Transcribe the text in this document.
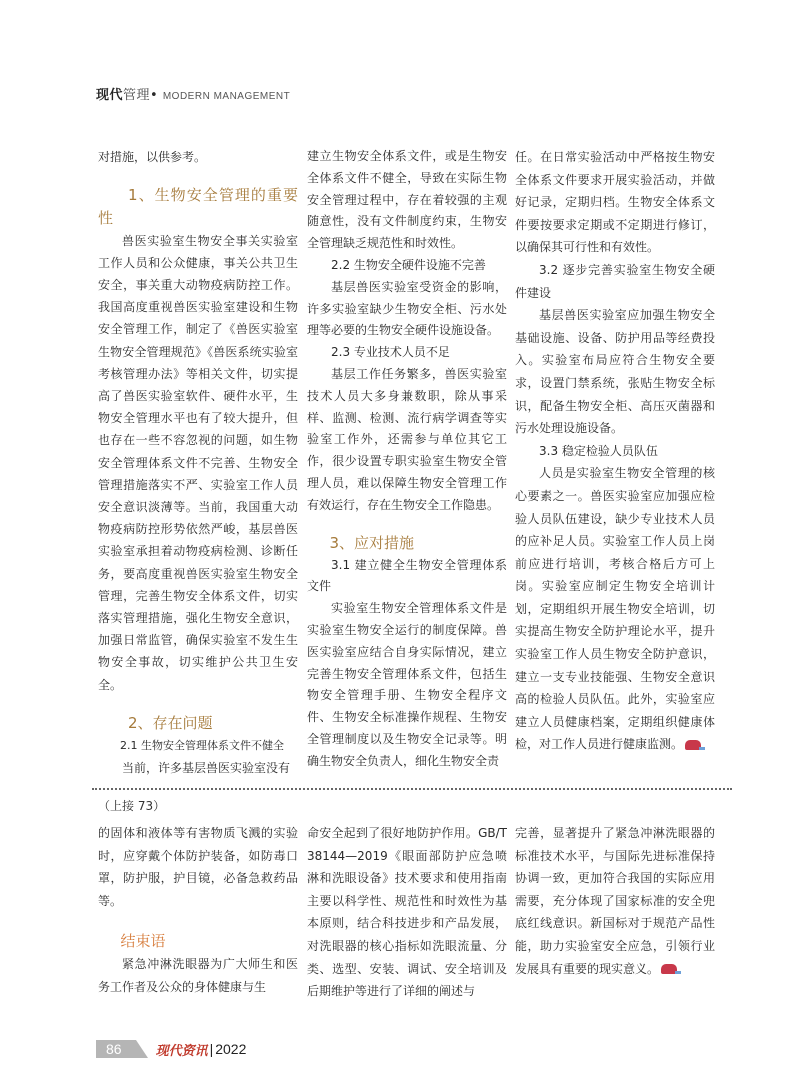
现代管理• MODERN MANAGEMENT

对措施，以供参考。

1、生物安全管理的重要性

兽医实验室生物安全事关实验室工作人员和公众健康，事关公共卫生安全，事关重大动物疫病防控工作。我国高度重视兽医实验室建设和生物安全管理工作，制定了《兽医实验室生物安全管理规范》《兽医系统实验室考核管理办法》等相关文件，切实提高了兽医实验室软件、硬件水平，生物安全管理水平也有了较大提升，但也存在一些不容忽视的问题，如生物安全管理体系文件不完善、生物安全管理措施落实不严、实验室工作人员安全意识淡薄等。当前，我国重大动物疫病防控形势依然严峻，基层兽医实验室承担着动物疫病检测、诊断任务，要高度重视兽医实验室生物安全管理，完善生物安全体系文件，切实落实管理措施，强化生物安全意识，加强日常监管，确保实验室不发生生物安全事故，切实维护公共卫生安全。

2、存在问题

2.1 生物安全管理体系文件不健全

当前，许多基层兽医实验室没有

建立生物安全体系文件，或是生物安全体系文件不健全，导致在实际生物安全管理过程中，存在着较强的主观随意性，没有文件制度约束，生物安全管理缺乏规范性和时效性。

2.2 生物安全硬件设施不完善

基层兽医实验室受资金的影响，许多实验室缺少生物安全柜、污水处理等必要的生物安全硬件设施设备。

2.3 专业技术人员不足

基层工作任务繁多，兽医实验室技术人员大多身兼数职，除从事采样、监测、检测、流行病学调查等实验室工作外，还需参与单位其它工作，很少设置专职实验室生物安全管理人员，难以保障生物安全管理工作有效运行，存在生物安全工作隐患。

3、应对措施

3.1 建立健全生物安全管理体系文件

实验室生物安全管理体系文件是实验室生物安全运行的制度保障。兽医实验室应结合自身实际情况，建立完善生物安全管理体系文件，包括生物安全管理手册、生物安全程序文件、生物安全标准操作规程、生物安全管理制度以及生物安全记录等。明确生物安全负责人，细化生物安全责

任。在日常实验活动中严格按生物安全体系文件要求开展实验活动，并做好记录，定期归档。生物安全体系文件要按要求定期或不定期进行修订，以确保其可行性和有效性。

3.2 逐步完善实验室生物安全硬件建设

基层兽医实验室应加强生物安全基础设施、设备、防护用品等经费投入。实验室布局应符合生物安全要求，设置门禁系统，张贴生物安全标识，配备生物安全柜、高压灭菌器和污水处理设施设备。

3.3 稳定检验人员队伍

人员是实验室生物安全管理的核心要素之一。兽医实验室应加强应检验人员队伍建设，缺少专业技术人员的应补足人员。实验室工作人员上岗前应进行培训，考核合格后方可上岗。实验室应制定生物安全培训计划，定期组织开展生物安全培训，切实提高生物安全防护理论水平，提升实验室工作人员生物安全防护意识，建立一支专业技能强、生物安全意识高的检验人员队伍。此外，实验室应建立人员健康档案，定期组织健康体检，对工作人员进行健康监测。

（上接 73）

的固体和液体等有害物质飞溅的实验时，应穿戴个体防护装备，如防毒口罩，防护服，护目镜，必备急救药品等。

结束语

紧急冲淋洗眼器为广大师生和医务工作者及公众的身体健康与生

命安全起到了很好地防护作用。GB/T38144—2019《眼面部防护应急喷淋和洗眼设备》技术要求和使用指南主要以科学性、规范性和时效性为基本原则，结合科技进步和产品发展，对洗眼器的核心指标如洗眼流量、分类、选型、安装、调试、安全培训及后期维护等进行了详细的阐述与

完善，显著提升了紧急冲淋洗眼器的标准技术水平，与国际先进标准保持协调一致，更加符合我国的实际应用需要，充分体现了国家标准的安全兜底红线意识。新国标对于规范产品性能，助力实验室安全应急，引领行业发展具有重要的现实意义。

86	现代资讯 | 2022
